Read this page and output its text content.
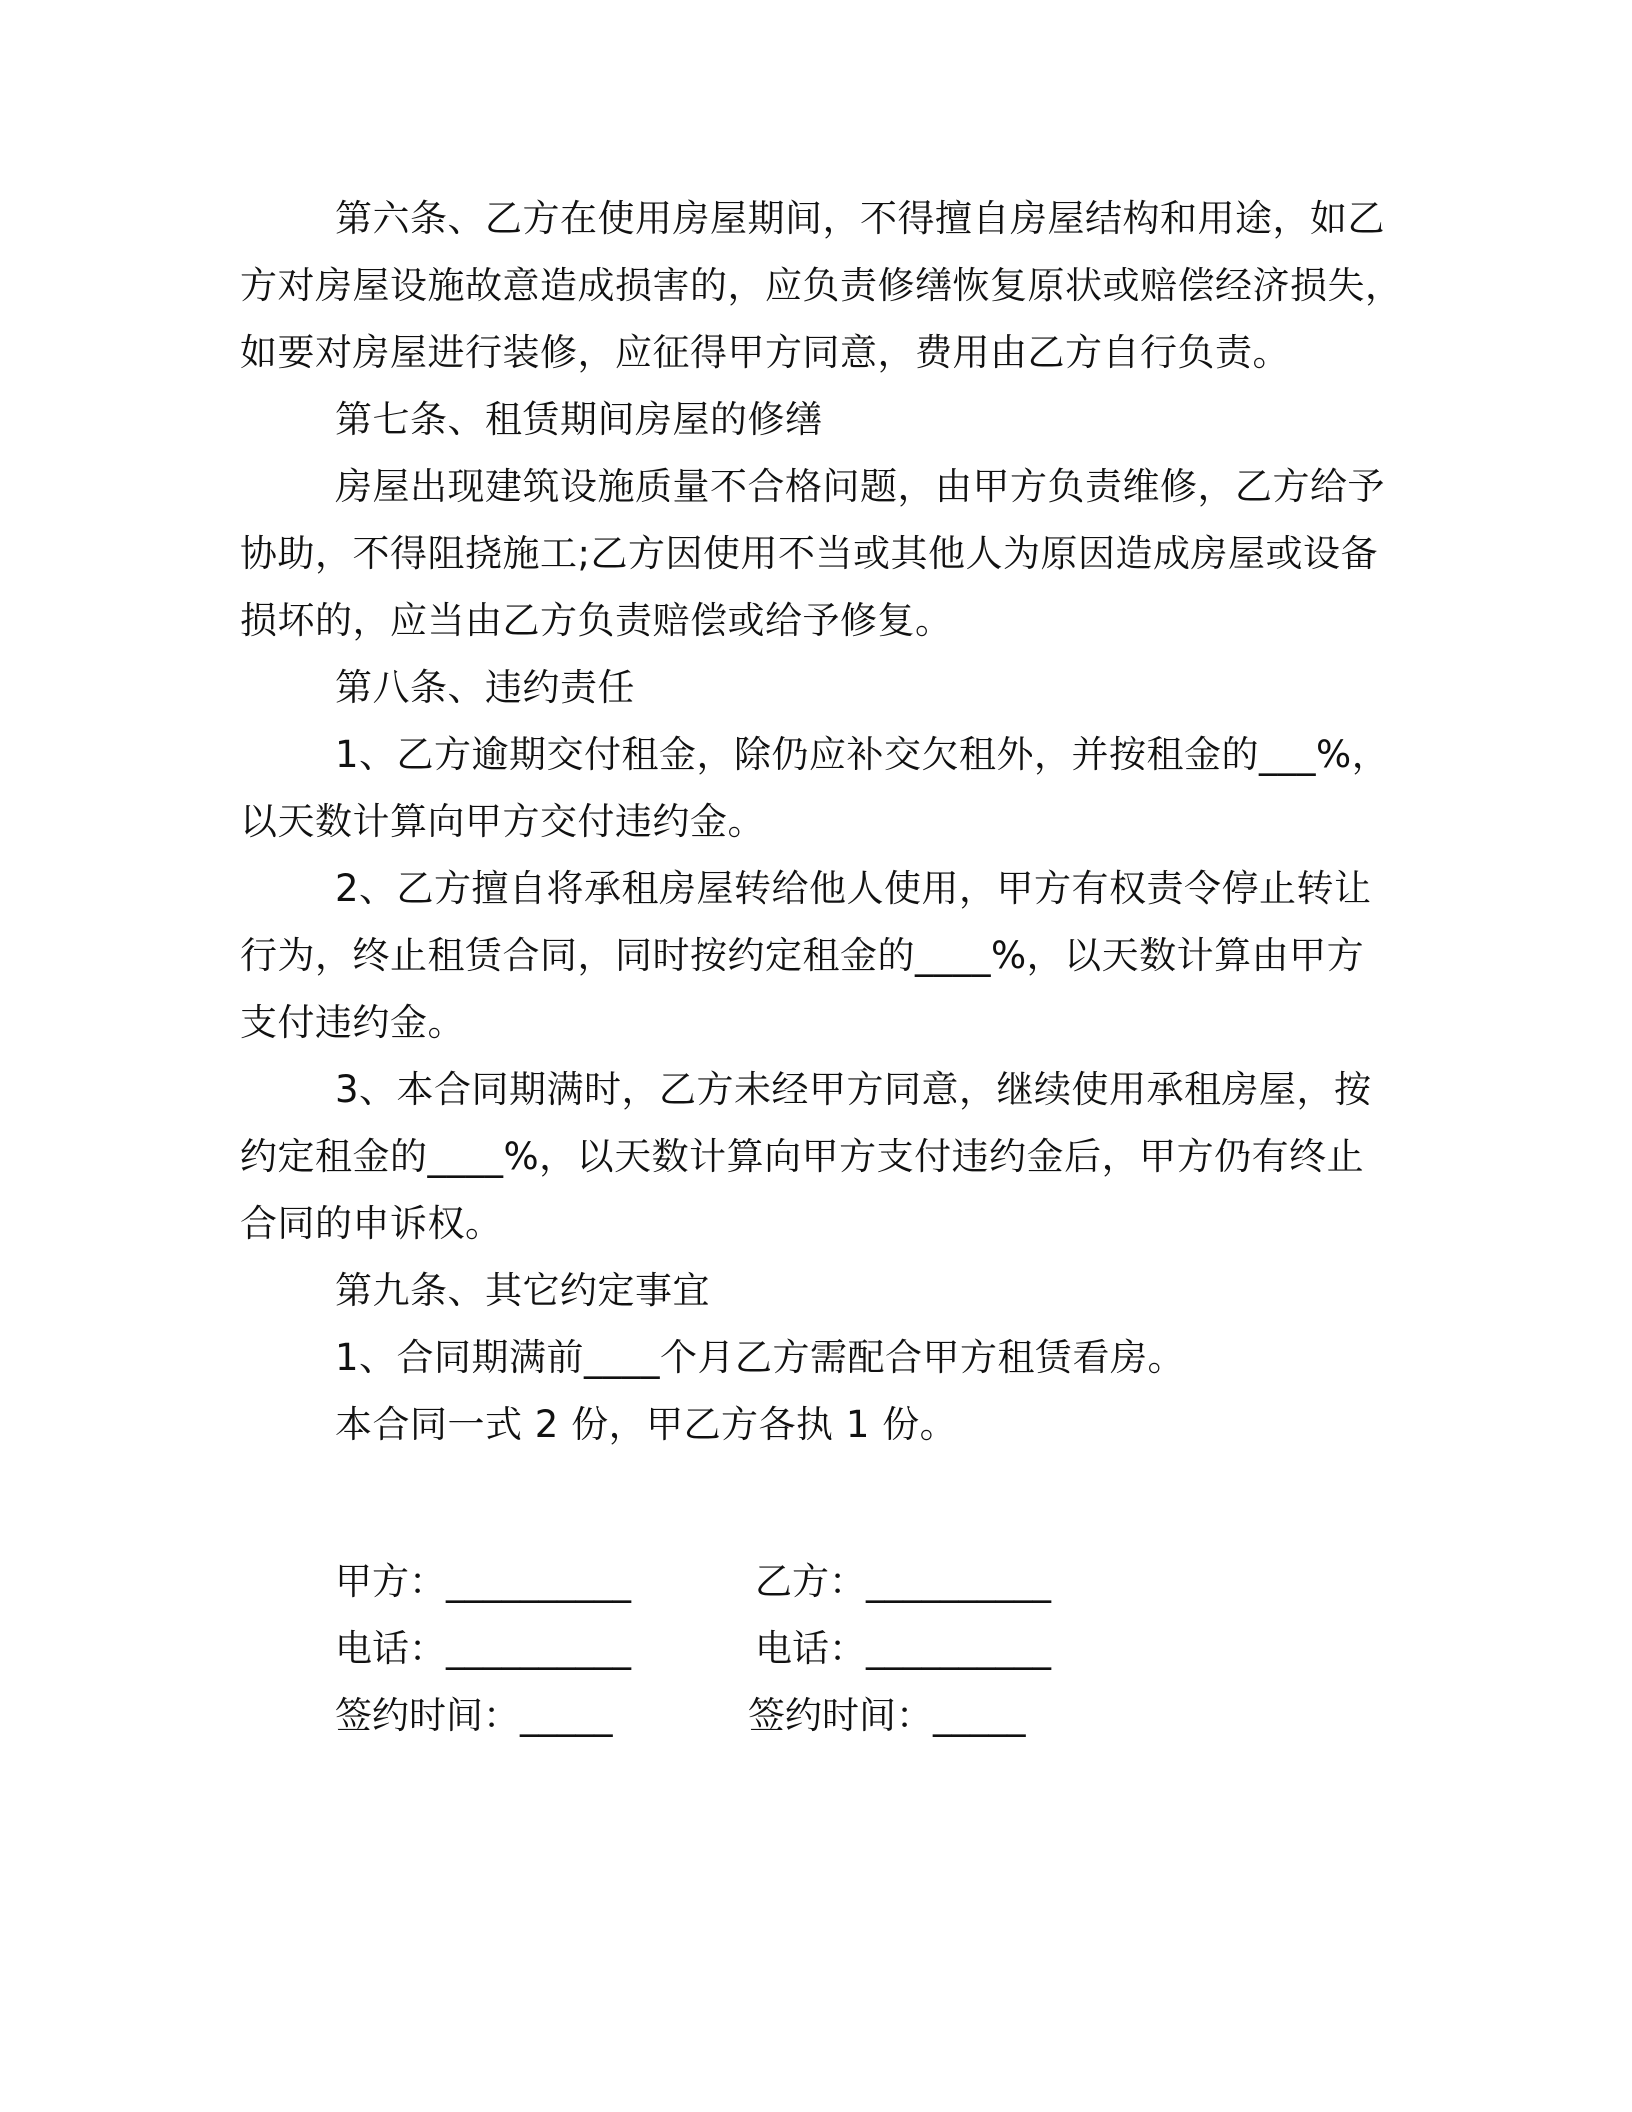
第六条、乙方在使用房屋期间，不得擅自房屋结构和用途，如乙
方对房屋设施故意造成损害的，应负责修缮恢复原状或赔偿经济损失，
如要对房屋进行装修，应征得甲方同意，费用由乙方自行负责。
第七条、租赁期间房屋的修缮
房屋出现建筑设施质量不合格问题，由甲方负责维修，乙方给予
协助，不得阻挠施工;乙方因使用不当或其他人为原因造成房屋或设备
损坏的，应当由乙方负责赔偿或给予修复。
第八条、违约责任
1、乙方逾期交付租金，除仍应补交欠租外，并按租金的___%，
以天数计算向甲方交付违约金。
2、乙方擅自将承租房屋转给他人使用，甲方有权责令停止转让
行为，终止租赁合同，同时按约定租金的____%，以天数计算由甲方
支付违约金。
3、本合同期满时，乙方未经甲方同意，继续使用承租房屋，按
约定租金的____%，以天数计算向甲方支付违约金后，甲方仍有终止
合同的申诉权。
第九条、其它约定事宜
1、合同期满前____个月乙方需配合甲方租赁看房。
本合同一式 2 份，甲乙方各执 1 份。
甲方：__________	乙方：__________
电话：__________	电话：__________
签约时间：_____	签约时间：_____
